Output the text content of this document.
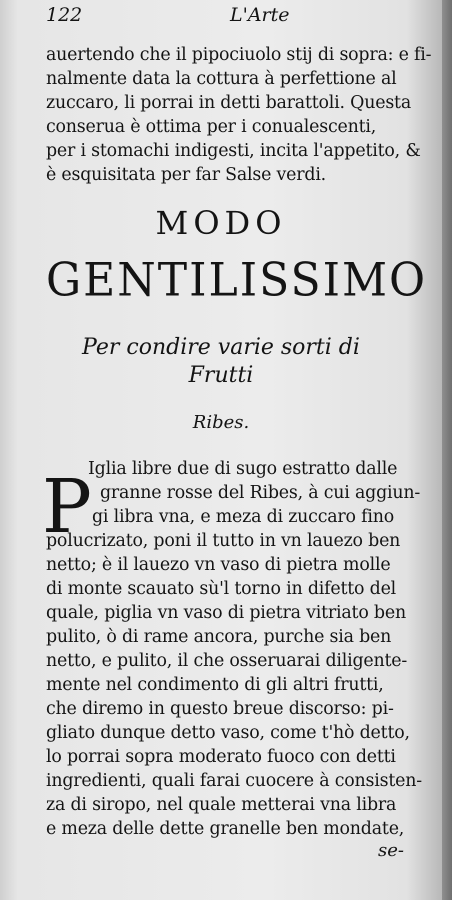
122	L'Arte
auertendo che il pipociuolo stij di sopra: e fi-
nalmente data la cottura à perfettione al
zuccaro, li porrai in detti barattoli. Questa
conserua è ottima per i conualescenti,
per i stomachi indigesti, incita l'appetito, &
è esquisitata per far Salse verdi.
MODO
GENTILISSIMO
Per condire varie sorti di
Frutti
Ribes.
P
Iglia libre due di sugo estratto dalle
granne rosse del Ribes, à cui aggiun-
gi libra vna, e meza di zuccaro fino
polucrizato, poni il tutto in vn lauezo ben
netto; è il lauezo vn vaso di pietra molle
di monte scauato sù'l torno in difetto del
quale, piglia vn vaso di pietra vitriato ben
pulito, ò di rame ancora, purche sia ben
netto, e pulito, il che osseruarai diligente-
mente nel condimento di gli altri frutti,
che diremo in questo breue discorso: pi-
gliato dunque detto vaso, come t'hò detto,
lo porrai sopra moderato fuoco con detti
ingredienti, quali farai cuocere à consisten-
za di siropo, nel quale metterai vna libra
e meza delle dette granelle ben mondate,
se-
